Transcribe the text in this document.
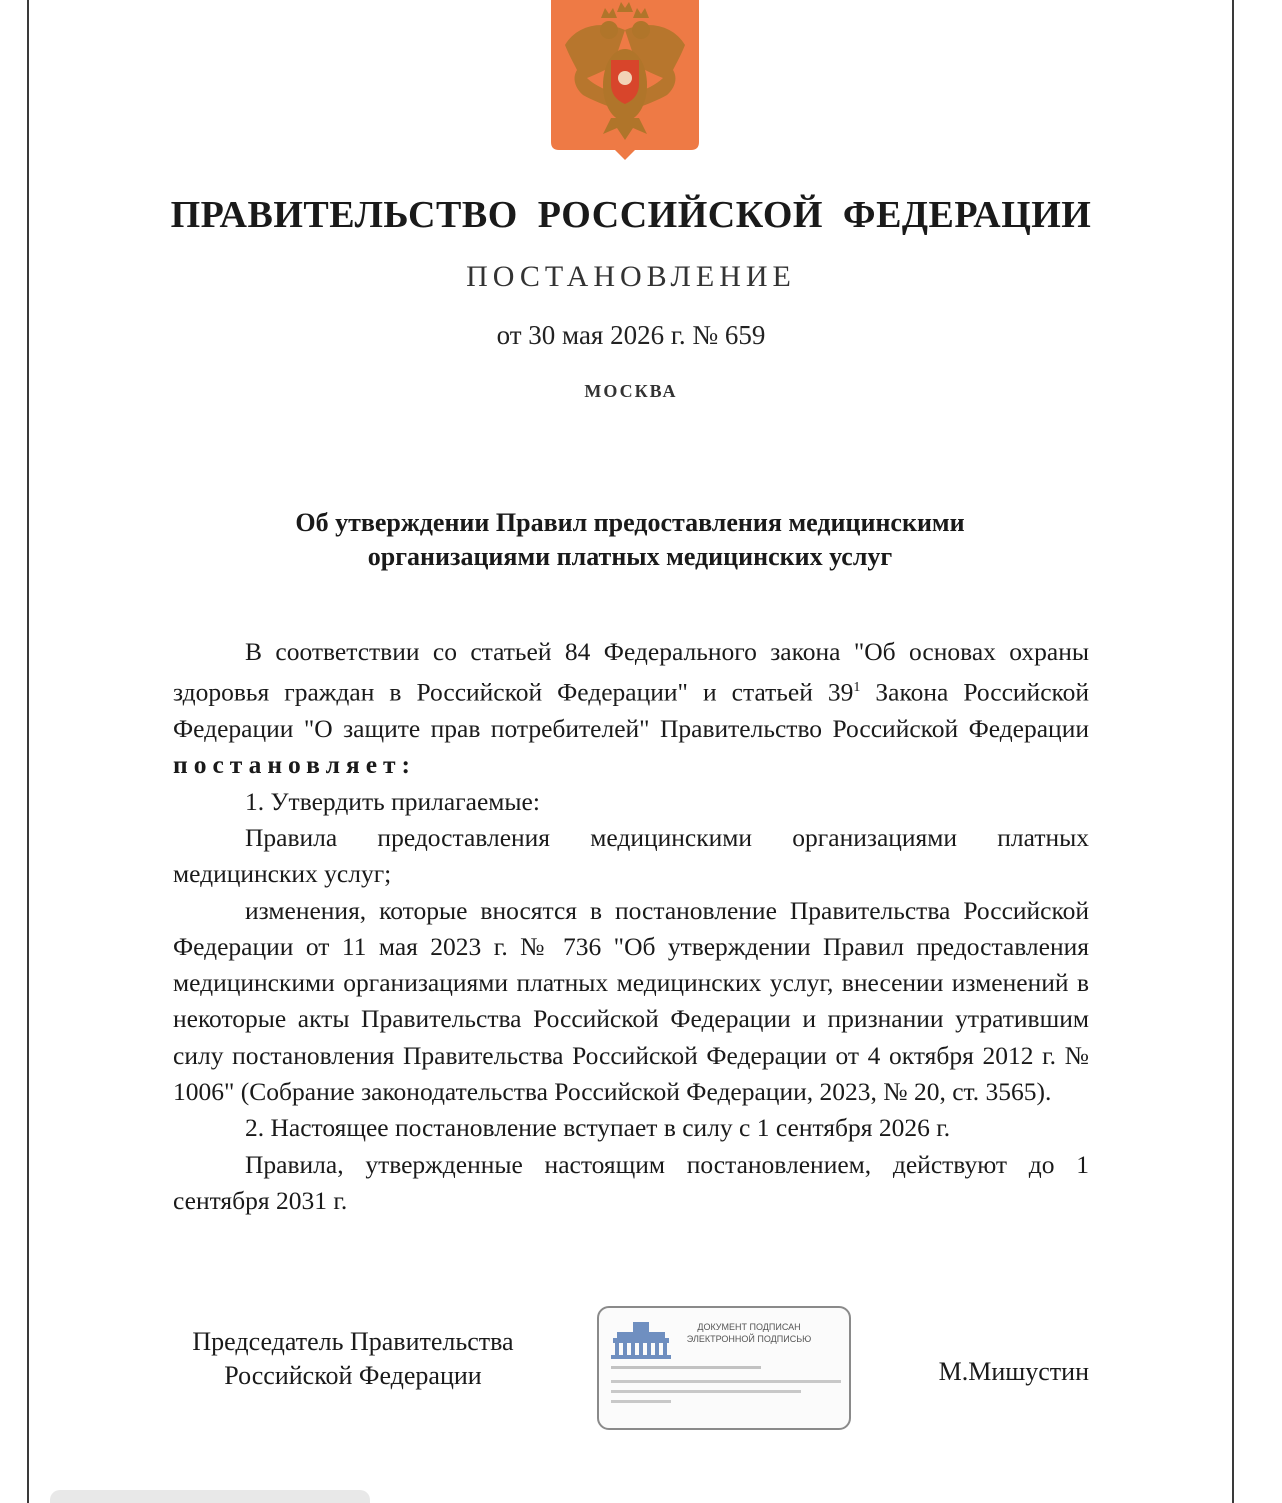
ПРАВИТЕЛЬСТВО РОССИЙСКОЙ ФЕДЕРАЦИИ
ПОСТАНОВЛЕНИЕ
от 30 мая 2026 г. № 659
МОСКВА
Об утверждении Правил предоставления медицинскими
организациями платных медицинских услуг

В соответствии со статьей 84 Федерального закона "Об основах охраны здоровья граждан в Российской Федерации" и статьей $39^1$ Закона Российской Федерации "О защите прав потребителей" Правительство Российской Федерации постановляет:

1. Утвердить прилагаемые:

Правила предоставления медицинскими организациями платных медицинских услуг;

изменения, которые вносятся в постановление Правительства Российской Федерации от 11 мая 2023 г. № 736 "Об утверждении Правил предоставления медицинскими организациями платных медицинских услуг, внесении изменений в некоторые акты Правительства Российской Федерации и признании утратившим силу постановления Правительства Российской Федерации от 4 октября 2012 г. № 1006" (Собрание законодательства Российской Федерации, 2023, № 20, ст. 3565).

2. Настоящее постановление вступает в силу с 1 сентября 2026 г.

Правила, утвержденные настоящим постановлением, действуют до 1 сентября 2031 г.

Председатель Правительства
Российской Федерации
ДОКУМЕНТ ПОДПИСАН
ЭЛЕКТРОННОЙ ПОДПИСЬЮ
М.Мишустин
